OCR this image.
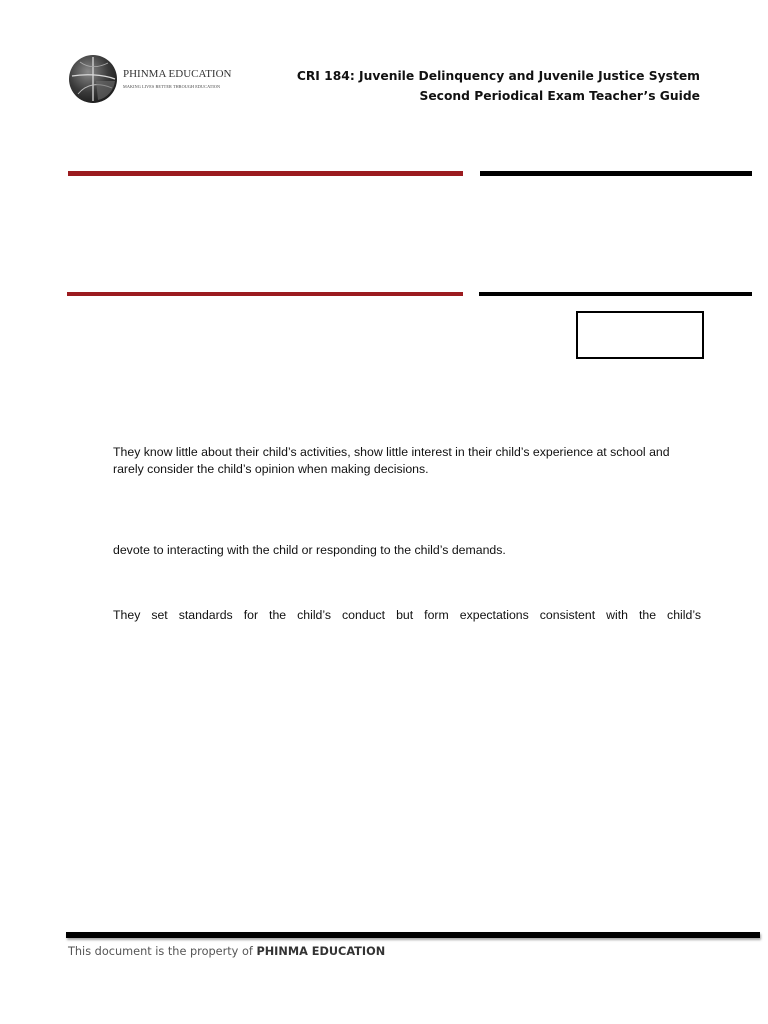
PHINMA EDUCATION
MAKING LIVES BETTER THROUGH EDUCATION
CRI 184: Juvenile Delinquency and Juvenile Justice System
Second Periodical Exam Teacher’s Guide
They know little about their child’s activities, show little interest in their child’s experience at school and rarely consider the child’s opinion when making decisions.
devote to interacting with the child or responding to the child’s demands.
They set standards for the child’s conduct but form expectations consistent with the child’s
This document is the property of PHINMA EDUCATION
